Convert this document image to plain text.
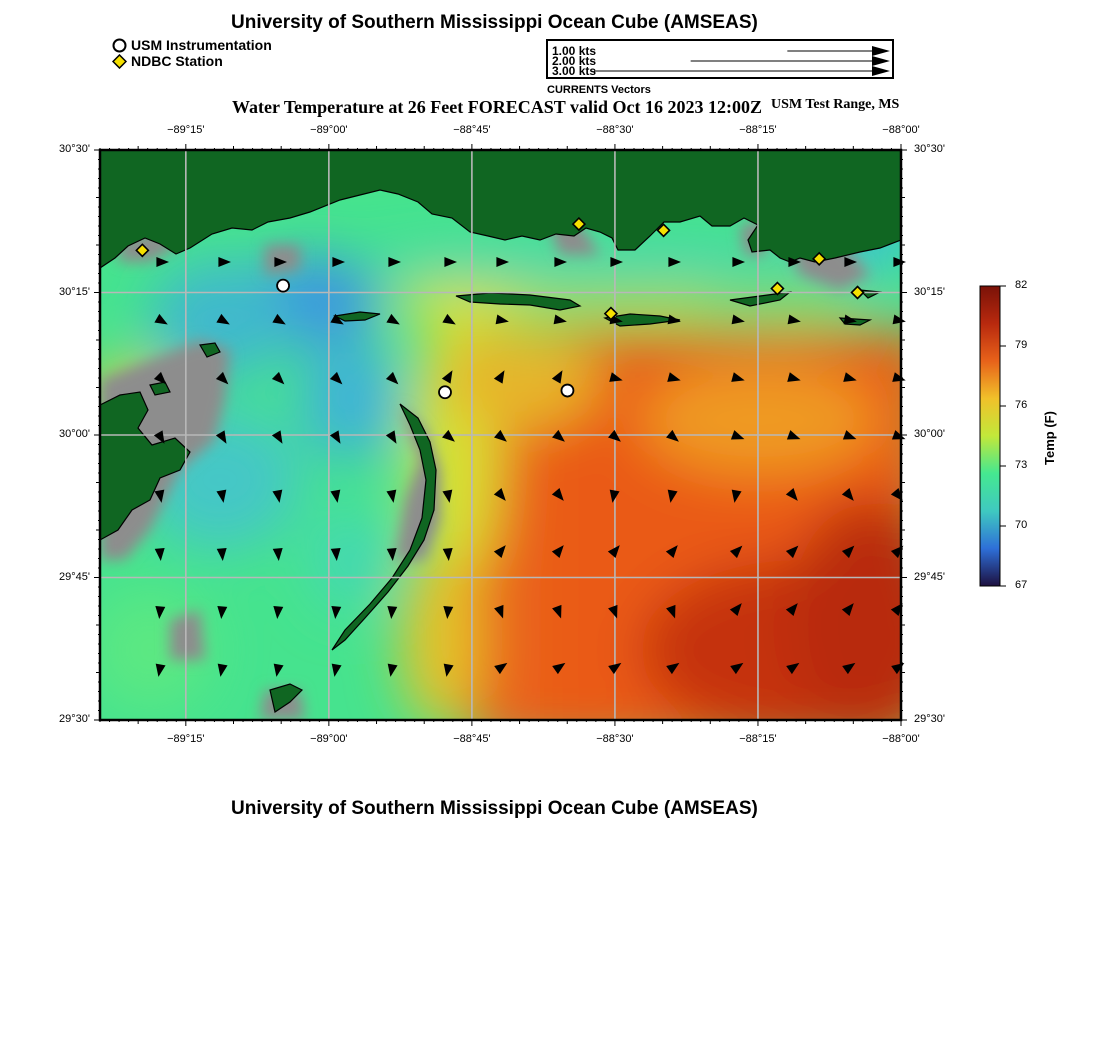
University of Southern Mississippi Ocean Cube (AMSEAS)
USM Instrumentation
NDBC Station
1.00 kts
2.00 kts
3.00 kts
CURRENTS Vectors
Water Temperature at 26 Feet FORECAST valid Oct 16 2023 12:00Z USM Test Range, MS
−89°15'	−89°00'	−88°45'	−88°30'	−88°15'	−88°00'
−89°15'	−89°00'	−88°45'	−88°30'	−88°15'	−88°00'
30°30'
30°15'
30°00'
29°45'
29°30'
30°30'
30°15'
30°00'
29°45'
29°30'
82
79
76
73
70
67
Temp (F)
University of Southern Mississippi Ocean Cube (AMSEAS)
